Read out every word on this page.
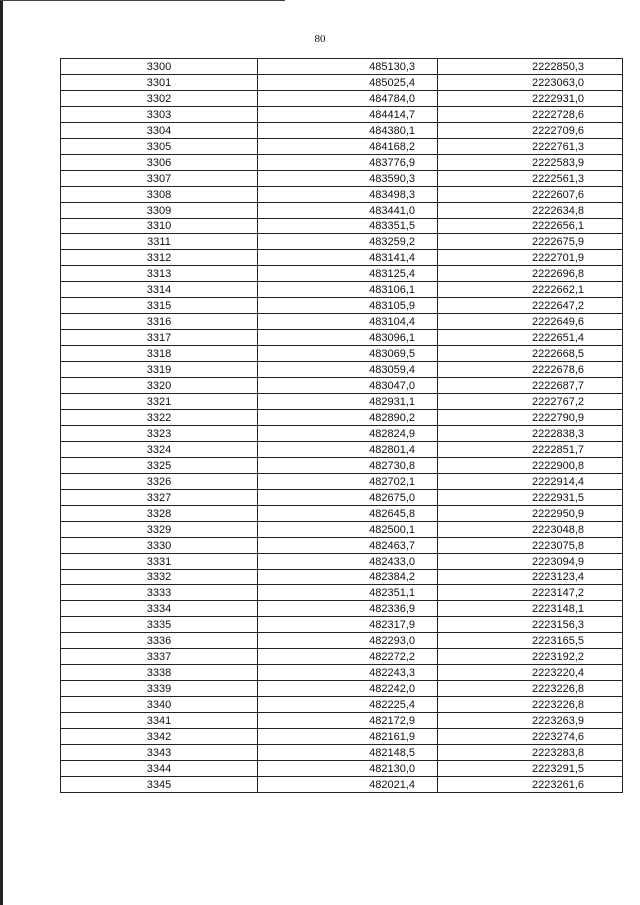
80
3300	485130,3	2222850,3
3301	485025,4	2223063,0
3302	484784,0	2222931,0
3303	484414,7	2222728,6
3304	484380,1	2222709,6
3305	484168,2	2222761,3
3306	483776,9	2222583,9
3307	483590,3	2222561,3
3308	483498,3	2222607,6
3309	483441,0	2222634,8
3310	483351,5	2222656,1
3311	483259,2	2222675,9
3312	483141,4	2222701,9
3313	483125,4	2222696,8
3314	483106,1	2222662,1
3315	483105,9	2222647,2
3316	483104,4	2222649,6
3317	483096,1	2222651,4
3318	483069,5	2222668,5
3319	483059,4	2222678,6
3320	483047,0	2222687,7
3321	482931,1	2222767,2
3322	482890,2	2222790,9
3323	482824,9	2222838,3
3324	482801,4	2222851,7
3325	482730,8	2222900,8
3326	482702,1	2222914,4
3327	482675,0	2222931,5
3328	482645,8	2222950,9
3329	482500,1	2223048,8
3330	482463,7	2223075,8
3331	482433,0	2223094,9
3332	482384,2	2223123,4
3333	482351,1	2223147,2
3334	482336,9	2223148,1
3335	482317,9	2223156,3
3336	482293,0	2223165,5
3337	482272,2	2223192,2
3338	482243,3	2223220,4
3339	482242,0	2223226,8
3340	482225,4	2223226,8
3341	482172,9	2223263,9
3342	482161,9	2223274,6
3343	482148,5	2223283,8
3344	482130,0	2223291,5
3345	482021,4	2223261,6
